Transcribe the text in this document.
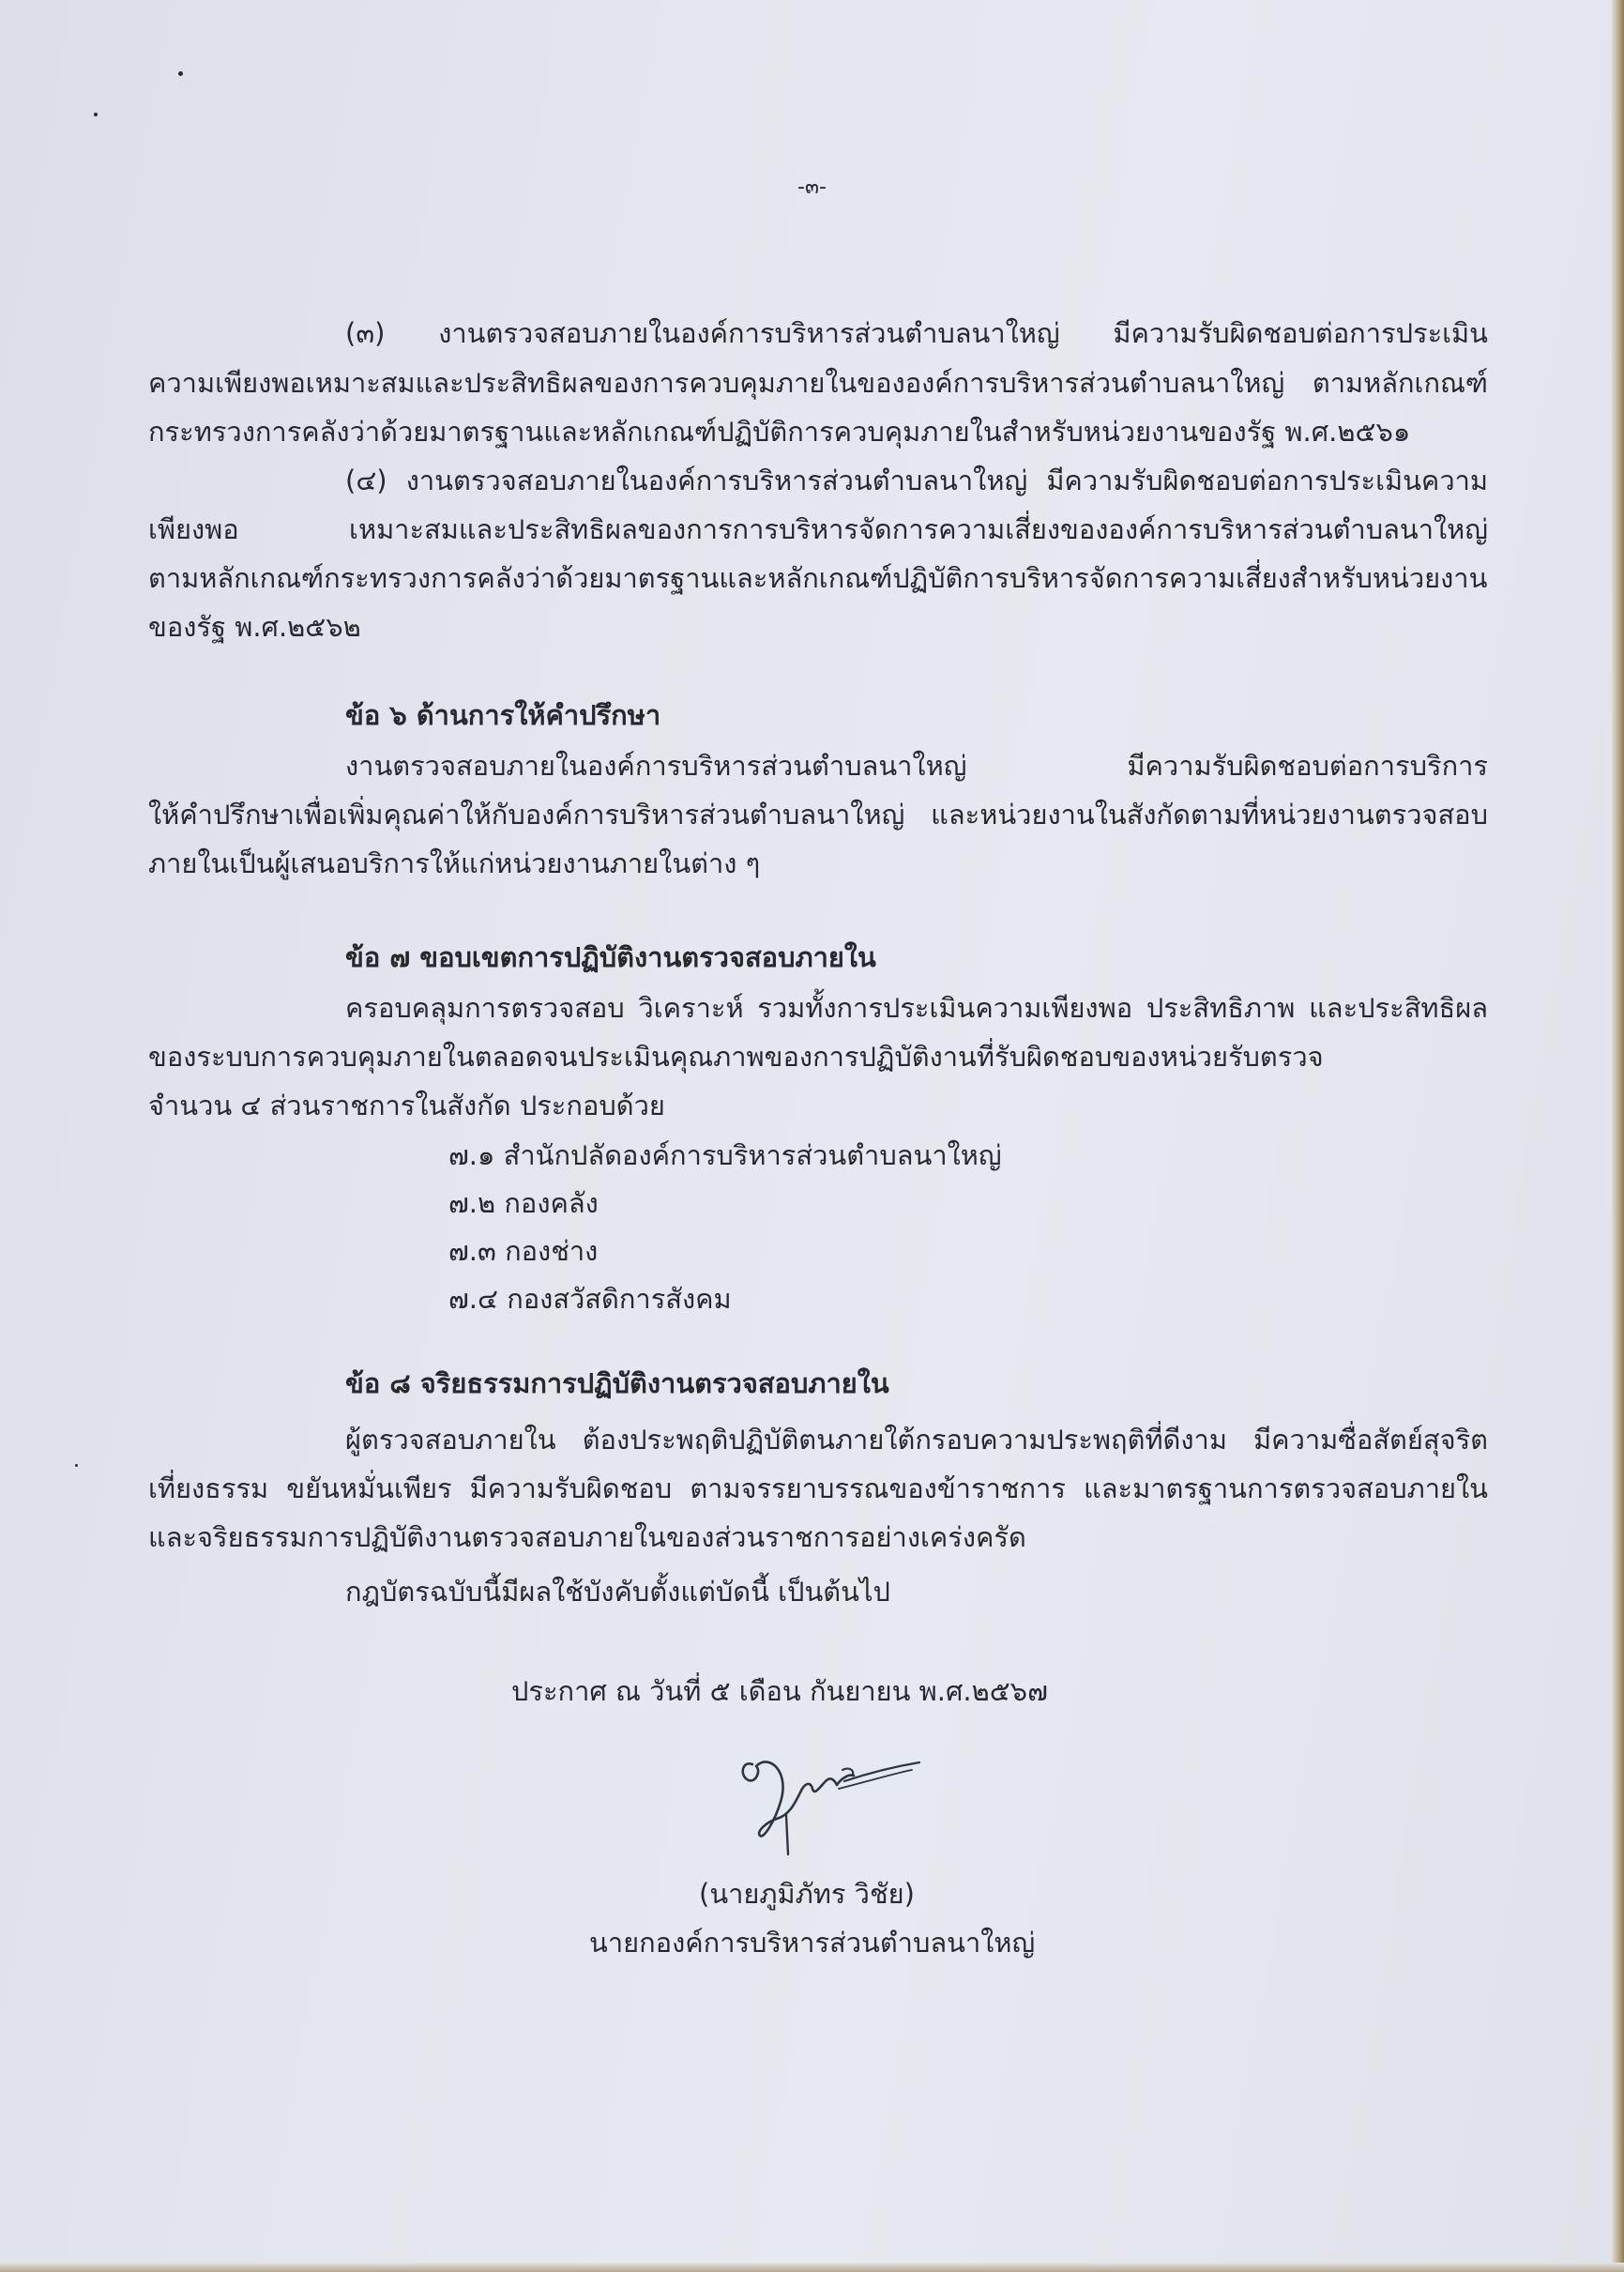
-๓-
(๓) งานตรวจสอบภายในองค์การบริหารส่วนตำบลนาใหญ่ มีความรับผิดชอบต่อการประเมิน
ความเพียงพอเหมาะสมและประสิทธิผลของการควบคุมภายในขององค์การบริหารส่วนตำบลนาใหญ่ ตามหลักเกณฑ์
กระทรวงการคลังว่าด้วยมาตรฐานและหลักเกณฑ์ปฏิบัติการควบคุมภายในสำหรับหน่วยงานของรัฐ พ.ศ.๒๕๖๑
(๔) งานตรวจสอบภายในองค์การบริหารส่วนตำบลนาใหญ่ มีความรับผิดชอบต่อการประเมินความ
เพียงพอ เหมาะสมและประสิทธิผลของการการบริหารจัดการความเสี่ยงขององค์การบริหารส่วนตำบลนาใหญ่
ตามหลักเกณฑ์กระทรวงการคลังว่าด้วยมาตรฐานและหลักเกณฑ์ปฏิบัติการบริหารจัดการความเสี่ยงสำหรับหน่วยงาน
ของรัฐ พ.ศ.๒๕๖๒
ข้อ ๖ ด้านการให้คำปรึกษา
งานตรวจสอบภายในองค์การบริหารส่วนตำบลนาใหญ่ มีความรับผิดชอบต่อการบริการ
ให้คำปรึกษาเพื่อเพิ่มคุณค่าให้กับองค์การบริหารส่วนตำบลนาใหญ่ และหน่วยงานในสังกัดตามที่หน่วยงานตรวจสอบ
ภายในเป็นผู้เสนอบริการให้แก่หน่วยงานภายในต่าง ๆ
ข้อ ๗ ขอบเขตการปฏิบัติงานตรวจสอบภายใน
ครอบคลุมการตรวจสอบ วิเคราะห์ รวมทั้งการประเมินความเพียงพอ ประสิทธิภาพ และประสิทธิผล
ของระบบการควบคุมภายในตลอดจนประเมินคุณภาพของการปฏิบัติงานที่รับผิดชอบของหน่วยรับตรวจ
จำนวน ๔ ส่วนราชการในสังกัด ประกอบด้วย
๗.๑ สำนักปลัดองค์การบริหารส่วนตำบลนาใหญ่
๗.๒ กองคลัง
๗.๓ กองช่าง
๗.๔ กองสวัสดิการสังคม
ข้อ ๘ จริยธรรมการปฏิบัติงานตรวจสอบภายใน
ผู้ตรวจสอบภายใน ต้องประพฤติปฏิบัติตนภายใต้กรอบความประพฤติที่ดีงาม มีความซื่อสัตย์สุจริต
เที่ยงธรรม ขยันหมั่นเพียร มีความรับผิดชอบ ตามจรรยาบรรณของข้าราชการ และมาตรฐานการตรวจสอบภายใน
และจริยธรรมการปฏิบัติงานตรวจสอบภายในของส่วนราชการอย่างเคร่งครัด
กฎบัตรฉบับนี้มีผลใช้บังคับตั้งแต่บัดนี้ เป็นต้นไป
ประกาศ ณ วันที่ ๕ เดือน กันยายน พ.ศ.๒๕๖๗
(นายภูมิภัทร วิชัย)
นายกองค์การบริหารส่วนตำบลนาใหญ่
